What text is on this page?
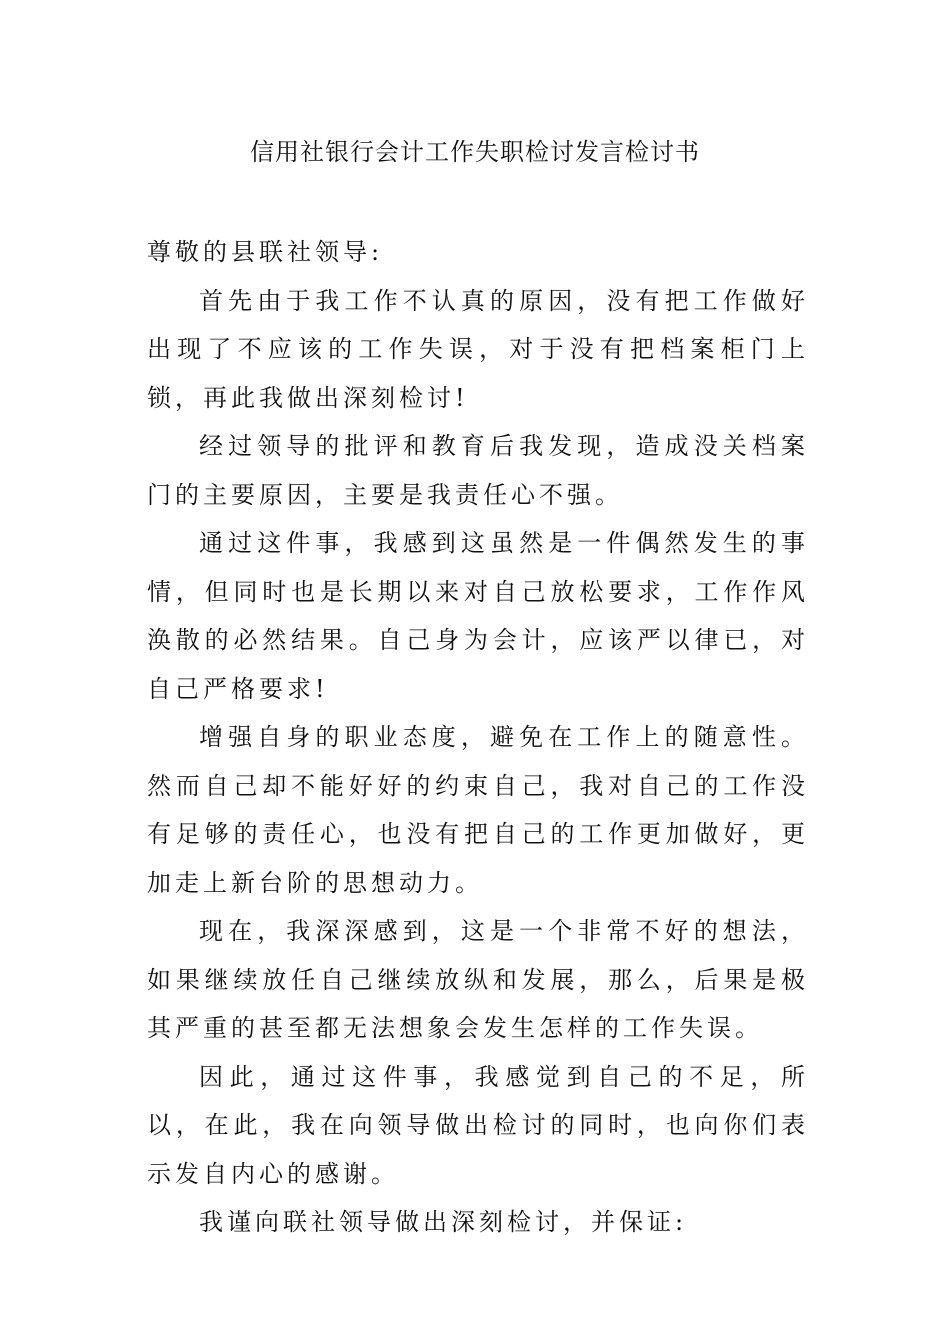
信用社银行会计工作失职检讨发言检讨书

尊敬的县联社领导:

首先由于我工作不认真的原因，没有把工作做好出现了不应该的工作失误，对于没有把档案柜门上锁，再此我做出深刻检讨!

经过领导的批评和教育后我发现，造成没关档案门的主要原因，主要是我责任心不强。

通过这件事，我感到这虽然是一件偶然发生的事情，但同时也是长期以来对自己放松要求，工作作风涣散的必然结果。自己身为会计，应该严以律已，对自己严格要求!

增强自身的职业态度，避免在工作上的随意性。然而自己却不能好好的约束自己，我对自己的工作没有足够的责任心，也没有把自己的工作更加做好，更加走上新台阶的思想动力。

现在，我深深感到，这是一个非常不好的想法，如果继续放任自己继续放纵和发展，那么，后果是极其严重的甚至都无法想象会发生怎样的工作失误。

因此，通过这件事，我感觉到自己的不足，所以，在此，我在向领导做出检讨的同时，也向你们表示发自内心的感谢。

我谨向联社领导做出深刻检讨，并保证:
